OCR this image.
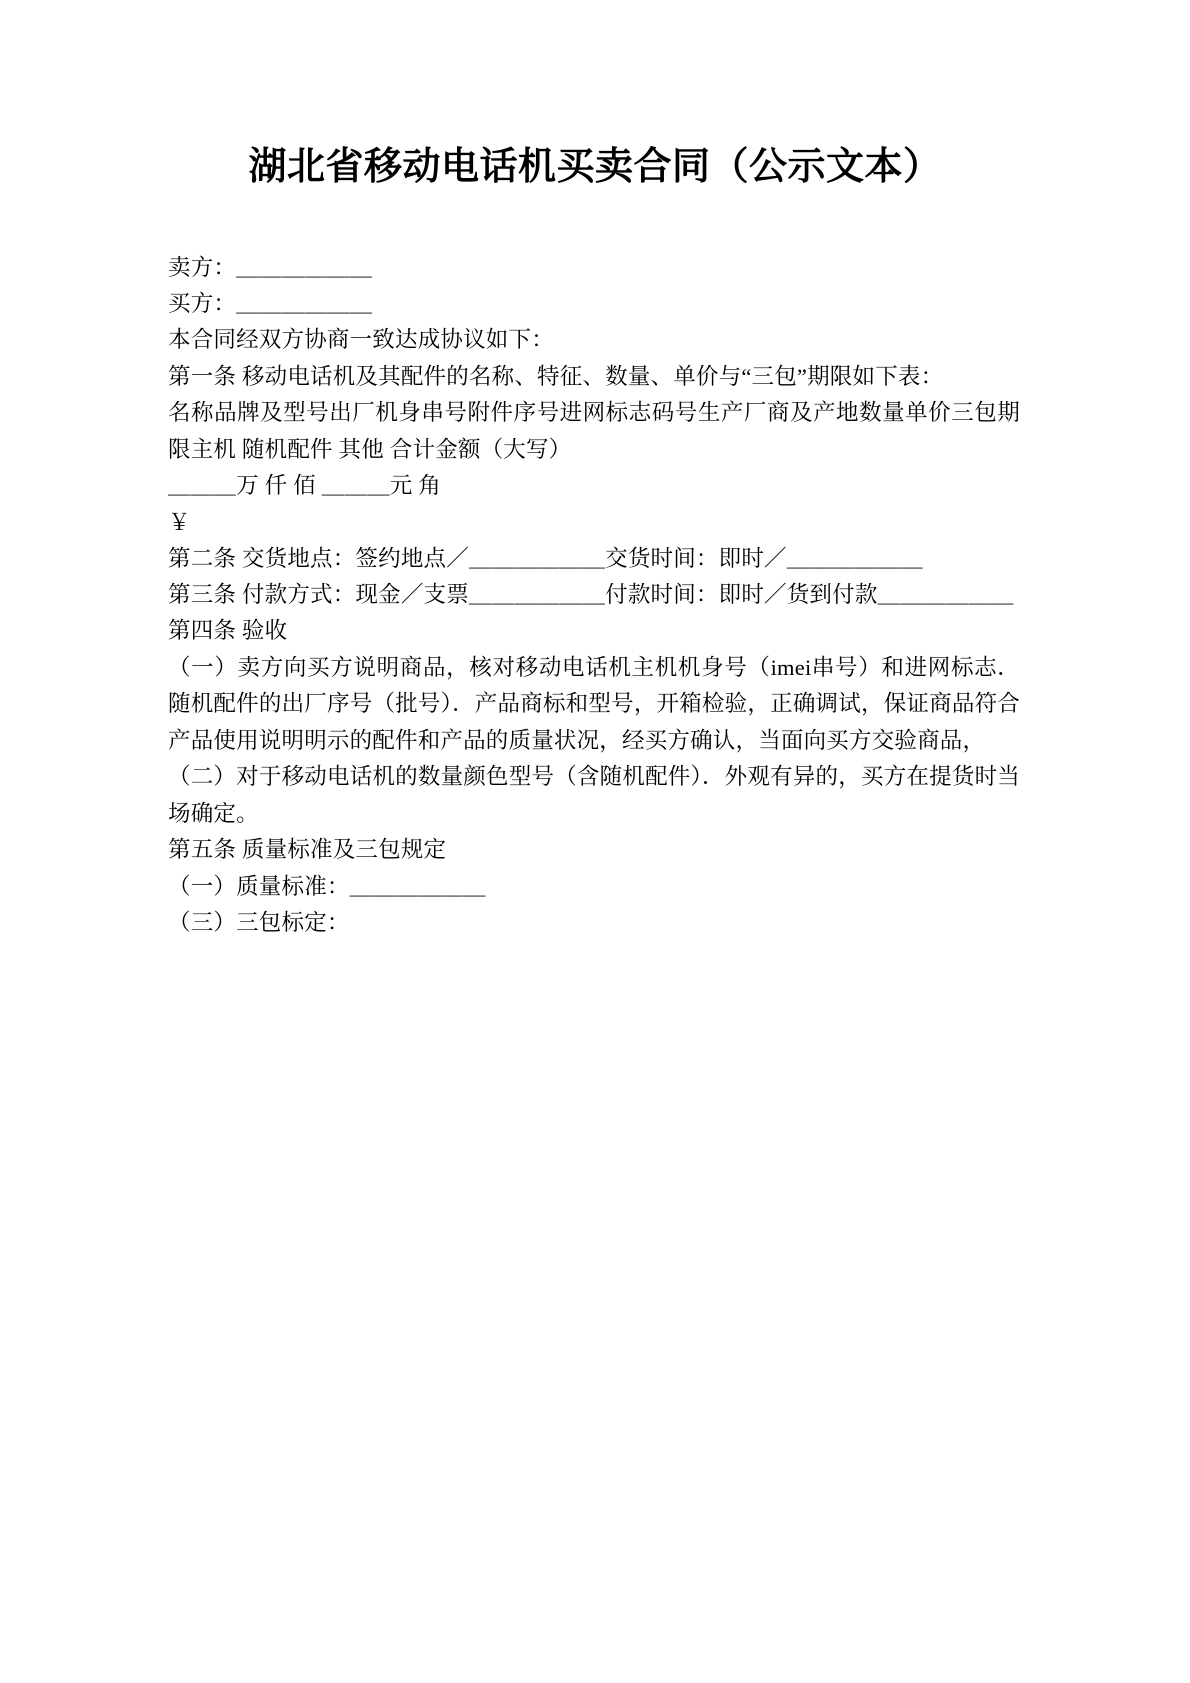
湖北省移动电话机买卖合同（公示文本）

卖方：＿＿＿＿＿＿

买方：＿＿＿＿＿＿

本合同经双方协商一致达成协议如下：

第一条 移动电话机及其配件的名称、特征、数量、单价与“三包”期限如下表：

名称品牌及型号出厂机身串号附件序号进网标志码号生产厂商及产地数量单价三包期限主机 随机配件 其他 合计金额（大写）

＿＿＿万 仟 佰 ＿＿＿元 角

￥

第二条 交货地点：签约地点／＿＿＿＿＿＿交货时间：即时／＿＿＿＿＿＿

第三条 付款方式：现金／支票＿＿＿＿＿＿付款时间：即时／货到付款＿＿＿＿＿＿

第四条 验收

（一）卖方向买方说明商品，核对移动电话机主机机身号（imei串号）和进网标志．随机配件的出厂序号（批号）．产品商标和型号，开箱检验，正确调试，保证商品符合产品使用说明明示的配件和产品的质量状况，经买方确认，当面向买方交验商品，

（二）对于移动电话机的数量颜色型号（含随机配件）．外观有异的，买方在提货时当场确定。

第五条 质量标准及三包规定

（一）质量标准：＿＿＿＿＿＿

（三）三包标定：
